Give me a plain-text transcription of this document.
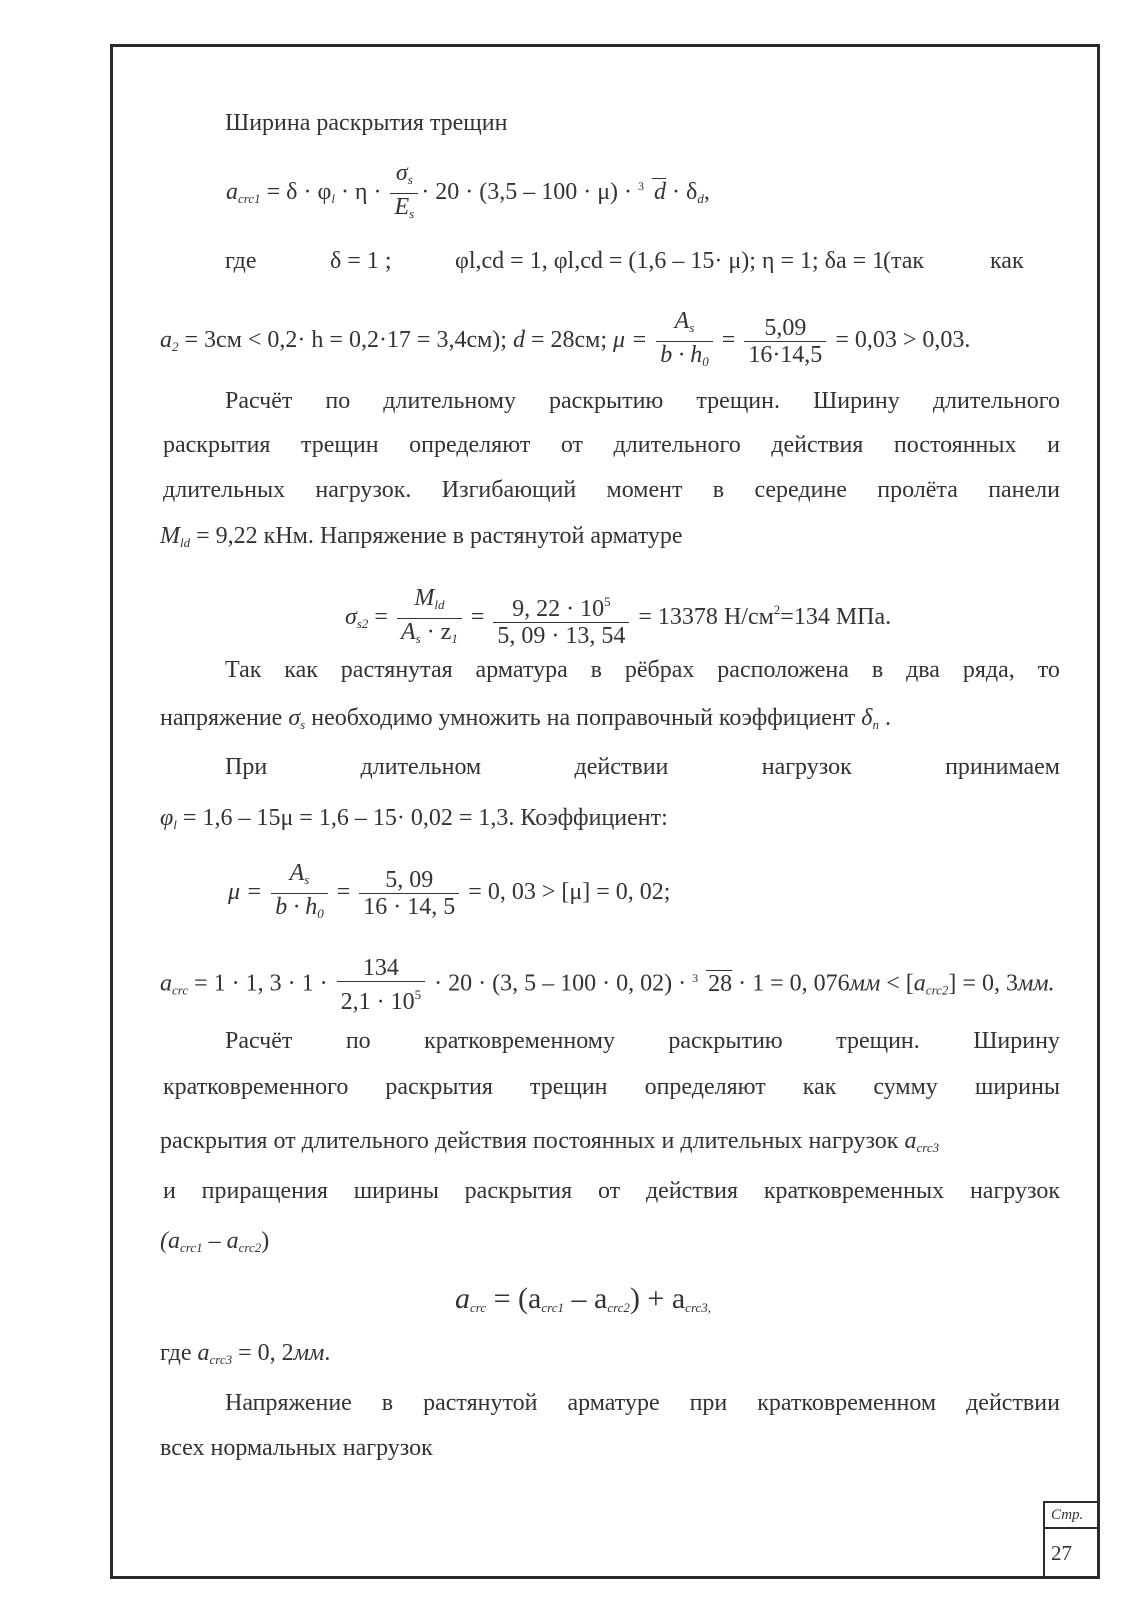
Стр.
27
Ширина раскрытия трещин
$a_{crc1} = \delta \cdot \varphi_l \cdot \eta \cdot \frac{\sigma_s}{E_s} \cdot 20 \cdot (3,5 - 100 \cdot \mu) \cdot 3$ $d \cdot \delta_d$,
где	δ = 1 ;	φl,cd = 1, φl,cd = (1,6 – 15· μ); η = 1; δa = 1
(так	как
$a_2 = 3см < 0,2\cdot h = 0,2\cdot 17 = 3,4см$); d = 28см; $\mu = \frac{A_s}{b \cdot h_0} = \frac{5,09}{16\cdot 14,5} = 0,03 > 0,03$.
Расчёт по длительному раскрытию трещин. Ширину длительного
раскрытия трещин определяют от длительного действия постоянных и
длительных нагрузок. Изгибающий момент в середине пролёта панели
$M_{ld} = 9,22$ кНм. Напряжение в растянутой арматуре
$\sigma_{s2} = \frac{M_{ld}}{A_s \cdot z_1} = \frac{9, 22 \cdot 10^5}{5, 09 \cdot 13, 54} = 13378$ $Н/см^2=134$ МПа.
Так как растянутая арматура в рёбрах расположена в два ряда, то
напряжение $\sigma_s$ необходимо умножить на поправочный коэффициент $\delta_n$ .
При	длительном	действии	нагрузок	принимаем
$\varphi_l = 1,6 - 15\mu = 1,6 - 15\cdot 0,02 = 1,3$. Коэффициент:
$\mu = \frac{A_s}{b \cdot h_0} = \frac{5, 09}{16 \cdot 14, 5} = 0$, 03 > [μ] = 0, 02;
$a_{crc} = 1 \cdot 1$, $3 \cdot 1 \cdot \frac{134}{2,1 \cdot 10^5} \cdot 20 \cdot (3$, 5 – 100 · 0, 02) · 3 28 · 1 = 0, $076мм < [a_{crc2}] = 0$, 3мм.
Расчёт по кратковременному раскрытию трещин. Ширину
кратковременного раскрытия трещин определяют как сумму ширины
раскрытия от длительного действия постоянных и длительных нагрузок $a_{crc3}$
и приращения ширины раскрытия от действия кратковременных нагрузок
$(a_{crc1} - a_{crc2})$
$a_{crc} = (a_{crc1} - a_{crc2}) + a_{crc3,}$
где $a_{crc3} = 0$, 2мм.
Напряжение в растянутой арматуре при кратковременном действии
всех нормальных нагрузок
